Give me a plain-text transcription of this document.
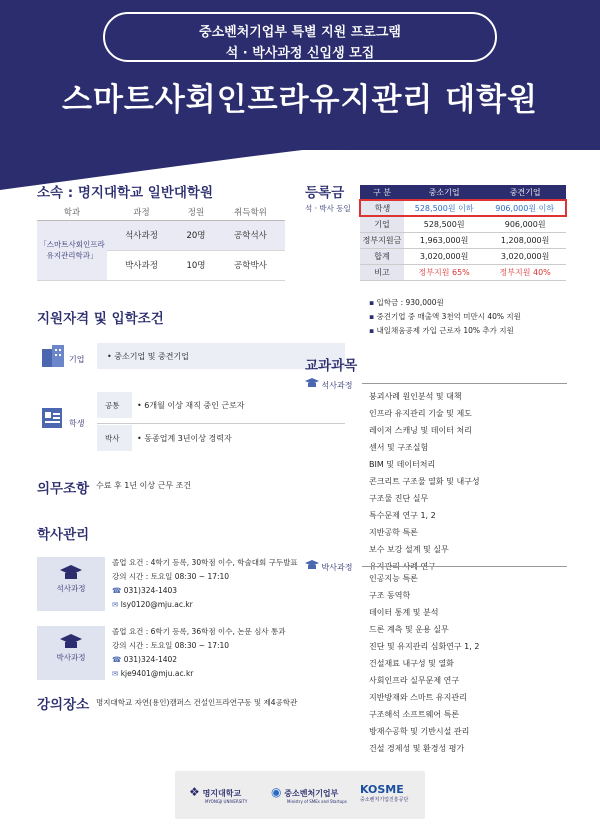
중소벤처기업부 특별 지원 프로그램
석 · 박사과정 신입생 모집
스마트사회인프라유지관리 대학원
소속 : 명지대학교 일반대학원
학과	과정	정원	취득학위
「스마트사회인프라
유지관리학과」	석사과정	20명	공학석사
	박사과정	10명	공학박사
등록금
석 · 박사 동일
구 분	중소기업	중견기업
학생	528,500원 이하	906,000원 이하
기업	528,500원	906,000원
정부지원금	1,963,000원	1,208,000원
합계	3,020,000원	3,020,000원
비고	정부지원 65%	정부지원 40%
▪ 입학금 : 930,000원
▪ 중견기업 중 매출액 3천억 미만시 40% 지원
▪ 내일채움공제 가입 근로자 10% 추가 지원
지원자격 및 입학조건
기업	• 중소기업 및 중견기업
학생
공통 • 6개월 이상 재직 중인 근로자
박사 • 동종업계 3년이상 경력자
의무조항 수료 후 1년 이상 근무 조건
교과과목
석사과정
붕괴사례 원인분석 및 대책
인프라 유지관리 기술 및 제도
레이저 스캐닝 및 데이터 처리
센서 및 구조실험
BIM 및 데이터처리
콘크리트 구조물 열화 및 내구성
구조물 진단 실무
특수문제 연구 1, 2
지반공학 특론
보수 보강 설계 및 실무
박사과정
인공지능 특론
구조 동역학
데이터 통계 및 분석
드론 계측 및 운용 실무
진단 및 유지관리 심화연구 1, 2
건설재료 내구성 및 열화
사회인프라 실무문제 연구
지반방재와 스마트 유지관리
구조해석 소프트웨어 특론
방재수공학 및 기반시설 관리
건설 경제성 및 환경성 평가
학사관리
석사과정
졸업 요건 : 4학기 등록, 30학점 이수, 학술대회 구두발표
강의 시간 : 토요일 08:30 ~ 17:10
☎ 031)324-1403
✉ lsy0120@mju.ac.kr
박사과정
졸업 요건 : 6학기 등록, 36학점 이수, 논문 심사 통과
강의 시간 : 토요일 08:30 ~ 17:10
☎ 031)324-1402
✉ kje9401@mju.ac.kr
강의장소 명지대학교 자연(용인)캠퍼스 건설인프라연구동 및 제4공학관
❖ 명지대학교
MYONGJI UNIVERSITY
◉ 중소벤처기업부
Ministry of SMEs and Startups
KOSME
중소벤처기업진흥공단
